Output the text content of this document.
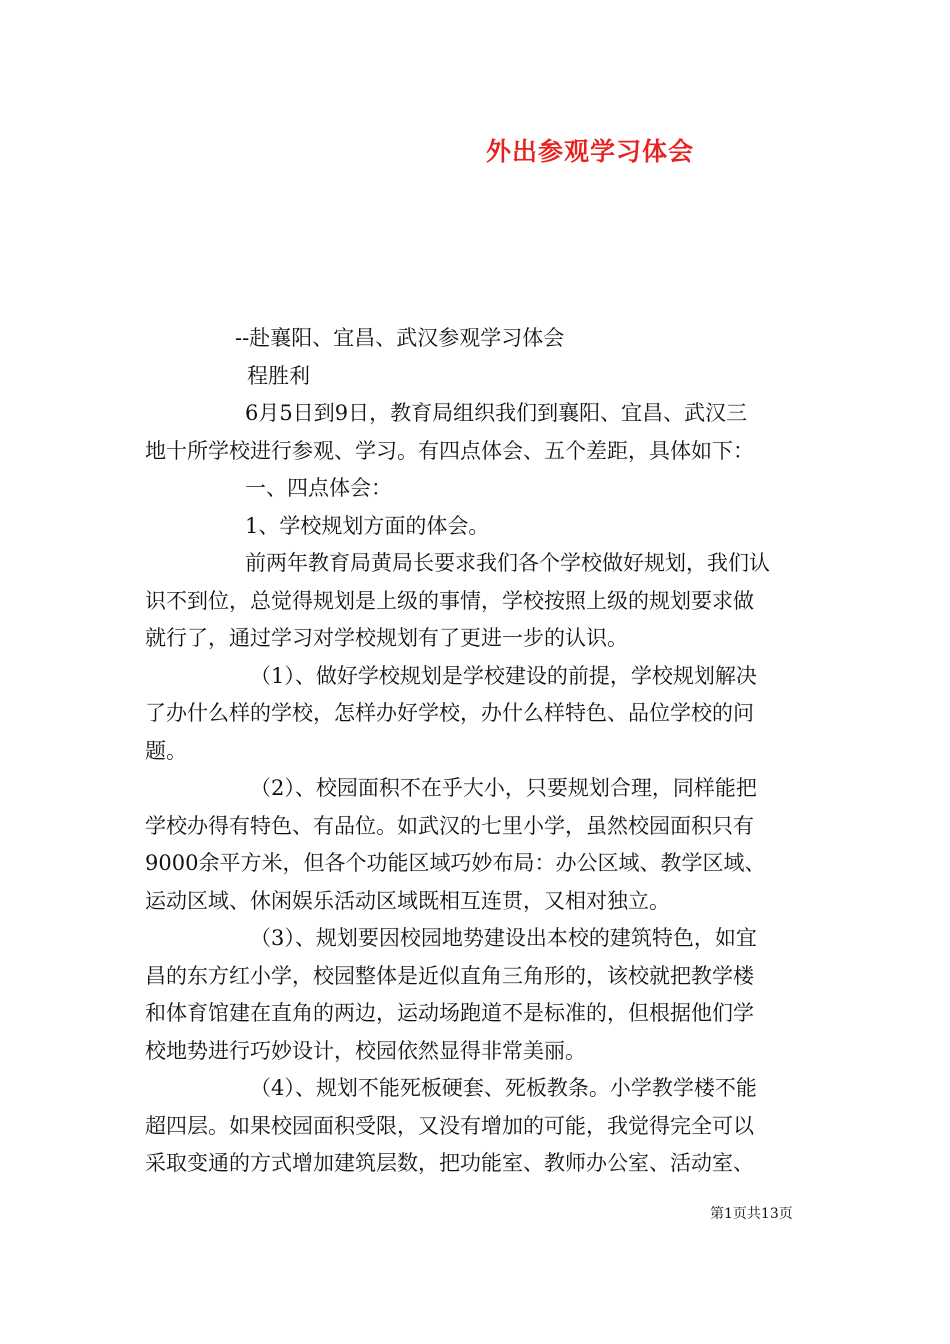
外出参观学习体会
--赴襄阳、宜昌、武汉参观学习体会
程胜利
6月5日到9日，教育局组织我们到襄阳、宜昌、武汉三
地十所学校进行参观、学习。有四点体会、五个差距，具体如下：
一、四点体会：
1、学校规划方面的体会。
前两年教育局黄局长要求我们各个学校做好规划，我们认
识不到位，总觉得规划是上级的事情，学校按照上级的规划要求做
就行了，通过学习对学校规划有了更进一步的认识。
（1）、做好学校规划是学校建设的前提，学校规划解决
了办什么样的学校，怎样办好学校，办什么样特色、品位学校的问
题。
（2）、校园面积不在乎大小，只要规划合理，同样能把
学校办得有特色、有品位。如武汉的七里小学，虽然校园面积只有
9000余平方米，但各个功能区域巧妙布局：办公区域、教学区域、
运动区域、休闲娱乐活动区域既相互连贯，又相对独立。
（3）、规划要因校园地势建设出本校的建筑特色，如宜
昌的东方红小学，校园整体是近似直角三角形的，该校就把教学楼
和体育馆建在直角的两边，运动场跑道不是标准的，但根据他们学
校地势进行巧妙设计，校园依然显得非常美丽。
（4）、规划不能死板硬套、死板教条。小学教学楼不能
超四层。如果校园面积受限，又没有增加的可能，我觉得完全可以
采取变通的方式增加建筑层数，把功能室、教师办公室、活动室、
第1页共13页
